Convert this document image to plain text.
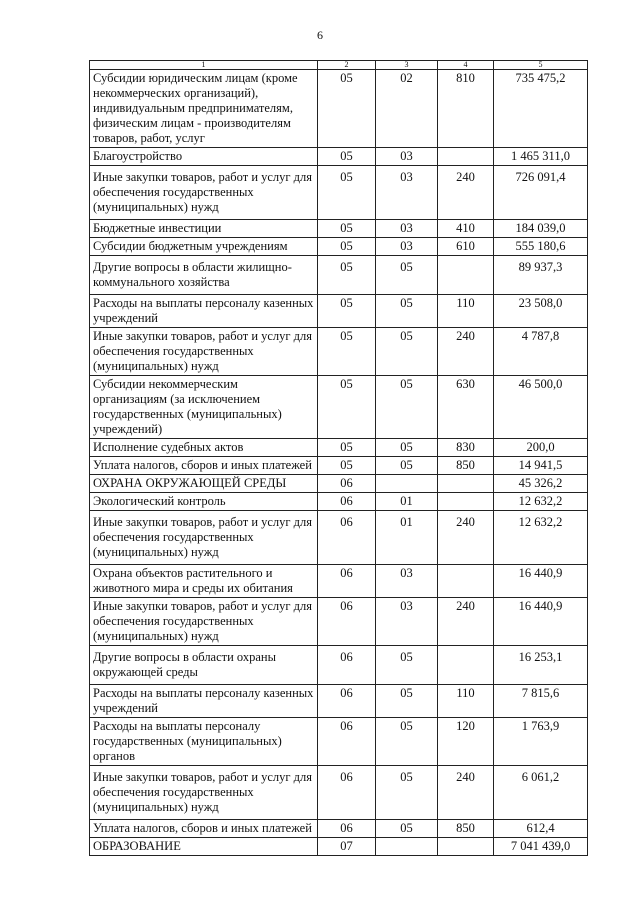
6
1	2	3	4	5
Субсидии юридическим лицам (кроме некоммерческих организаций), индивидуальным предпринимателям, физическим лицам - производителям товаров, работ, услуг	05	02	810	735 475,2
Благоустройство	05	03		1 465 311,0
Иные закупки товаров, работ и услуг для обеспечения государственных (муниципальных) нужд	05	03	240	726 091,4
Бюджетные инвестиции	05	03	410	184 039,0
Субсидии бюджетным учреждениям	05	03	610	555 180,6
Другие вопросы в области жилищно-коммунального хозяйства	05	05		89 937,3
Расходы на выплаты персоналу казенных учреждений	05	05	110	23 508,0
Иные закупки товаров, работ и услуг для обеспечения государственных (муниципальных) нужд	05	05	240	4 787,8
Субсидии некоммерческим организациям (за исключением государственных (муниципальных) учреждений)	05	05	630	46 500,0
Исполнение судебных актов	05	05	830	200,0
Уплата налогов, сборов и иных платежей	05	05	850	14 941,5
ОХРАНА ОКРУЖАЮЩЕЙ СРЕДЫ	06			45 326,2
Экологический контроль	06	01		12 632,2
Иные закупки товаров, работ и услуг для обеспечения государственных (муниципальных) нужд	06	01	240	12 632,2
Охрана объектов растительного и животного мира и среды их обитания	06	03		16 440,9
Иные закупки товаров, работ и услуг для обеспечения государственных (муниципальных) нужд	06	03	240	16 440,9
Другие вопросы в области охраны окружающей среды	06	05		16 253,1
Расходы на выплаты персоналу казенных учреждений	06	05	110	7 815,6
Расходы на выплаты персоналу государственных (муниципальных) органов	06	05	120	1 763,9
Иные закупки товаров, работ и услуг для обеспечения государственных (муниципальных) нужд	06	05	240	6 061,2
Уплата налогов, сборов и иных платежей	06	05	850	612,4
ОБРАЗОВАНИЕ	07			7 041 439,0
